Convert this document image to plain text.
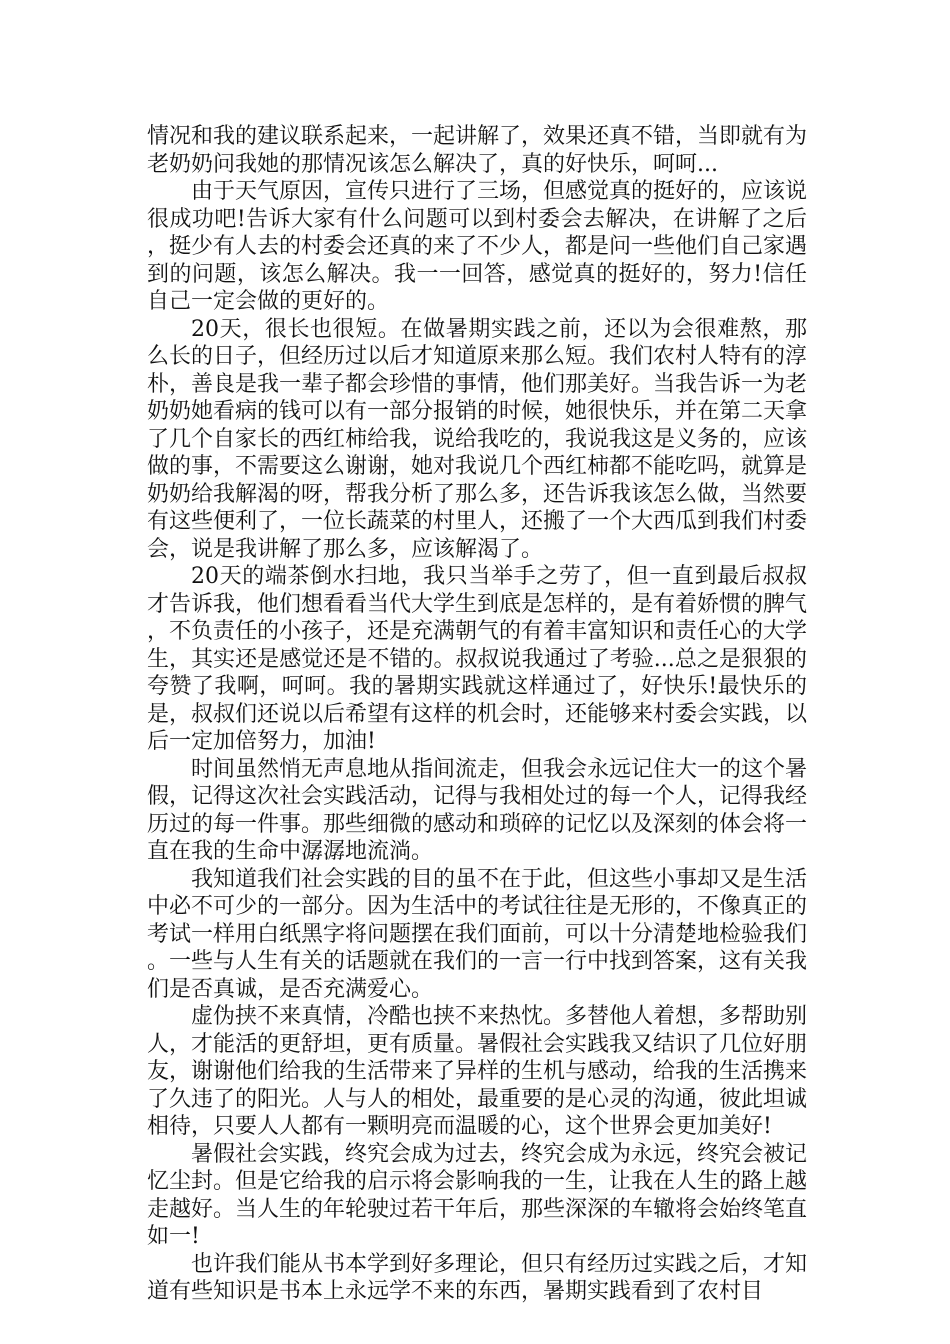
情况和我的建议联系起来，一起讲解了，效果还真不错，当即就有为老奶奶问我她的那情况该怎么解决了，真的好快乐，呵呵...

由于天气原因，宣传只进行了三场，但感觉真的挺好的，应该说很成功吧!告诉大家有什么问题可以到村委会去解决，在讲解了之后，挺少有人去的村委会还真的来了不少人，都是问一些他们自己家遇到的问题，该怎么解决。我一一回答，感觉真的挺好的，努力!信任自己一定会做的更好的。

20天，很长也很短。在做暑期实践之前，还以为会很难熬，那么长的日子，但经历过以后才知道原来那么短。我们农村人特有的淳朴，善良是我一辈子都会珍惜的事情，他们那美好。当我告诉一为老奶奶她看病的钱可以有一部分报销的时候，她很快乐，并在第二天拿了几个自家长的西红柿给我，说给我吃的，我说我这是义务的，应该做的事，不需要这么谢谢，她对我说几个西红柿都不能吃吗，就算是奶奶给我解渴的呀，帮我分析了那么多，还告诉我该怎么做，当然要有这些便利了，一位长蔬菜的村里人，还搬了一个大西瓜到我们村委会，说是我讲解了那么多，应该解渴了。

20天的端茶倒水扫地，我只当举手之劳了，但一直到最后叔叔才告诉我，他们想看看当代大学生到底是怎样的，是有着娇惯的脾气，不负责任的小孩子，还是充满朝气的有着丰富知识和责任心的大学生，其实还是感觉还是不错的。叔叔说我通过了考验...总之是狠狠的夸赞了我啊，呵呵。我的暑期实践就这样通过了，好快乐!最快乐的是，叔叔们还说以后希望有这样的机会时，还能够来村委会实践，以后一定加倍努力，加油!

时间虽然悄无声息地从指间流走，但我会永远记住大一的这个暑假，记得这次社会实践活动，记得与我相处过的每一个人，记得我经历过的每一件事。那些细微的感动和琐碎的记忆以及深刻的体会将一直在我的生命中潺潺地流淌。

我知道我们社会实践的目的虽不在于此，但这些小事却又是生活中必不可少的一部分。因为生活中的考试往往是无形的，不像真正的考试一样用白纸黑字将问题摆在我们面前，可以十分清楚地检验我们。一些与人生有关的话题就在我们的一言一行中找到答案，这有关我们是否真诚，是否充满爱心。

虚伪挟不来真情，冷酷也挟不来热忱。多替他人着想，多帮助别人，才能活的更舒坦，更有质量。暑假社会实践我又结识了几位好朋友，谢谢他们给我的生活带来了异样的生机与感动，给我的生活携来了久违了的阳光。人与人的相处，最重要的是心灵的沟通，彼此坦诚相待，只要人人都有一颗明亮而温暖的心，这个世界会更加美好!

暑假社会实践，终究会成为过去，终究会成为永远，终究会被记忆尘封。但是它给我的启示将会影响我的一生，让我在人生的路上越走越好。当人生的年轮驶过若干年后，那些深深的车辙将会始终笔直如一!

也许我们能从书本学到好多理论，但只有经历过实践之后，才知道有些知识是书本上永远学不来的东西，暑期实践看到了农村目
